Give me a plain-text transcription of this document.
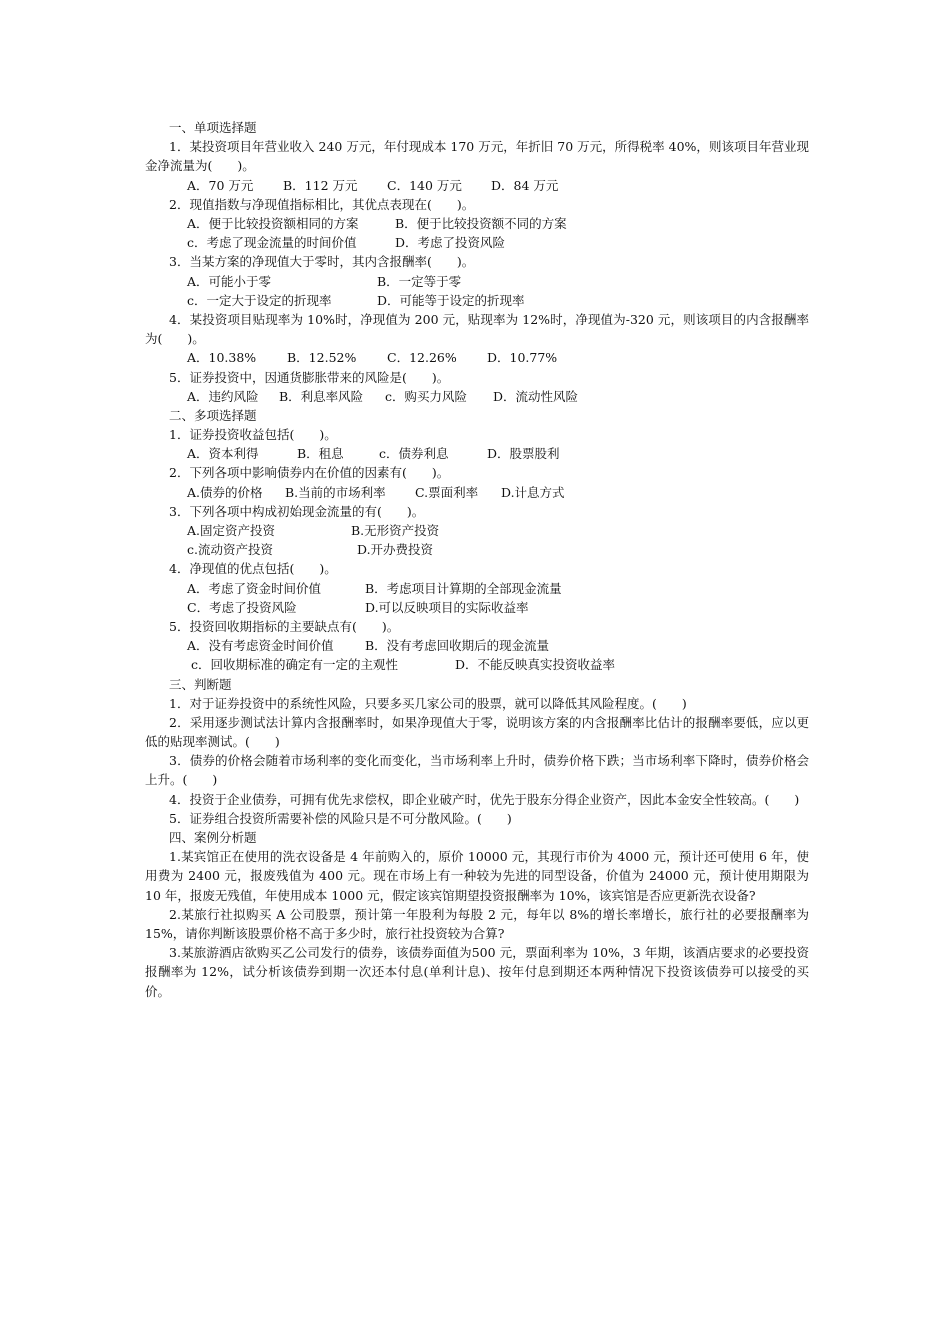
一、单项选择题
1．某投资项目年营业收入 240 万元，年付现成本 170 万元，年折旧 70 万元，所得税率 40%，则该项目年营业现金净流量为(　　)。
A．70 万元 B．112 万元 C．140 万元 D．84 万元
2．现值指数与净现值指标相比，其优点表现在(　　)。
A．便于比较投资额相同的方案	B．便于比较投资额不同的方案
c．考虑了现金流量的时间价值	D．考虑了投资风险
3．当某方案的净现值大于零时，其内含报酬率(　　)。
A．可能小于零	B．一定等于零
c．一定大于设定的折现率	D．可能等于设定的折现率
4．某投资项目贴现率为 10%时，净现值为 200 元，贴现率为 12%时，净现值为-320 元，则该项目的内含报酬率为(　　)。
A．10.38% B．12.52% C．12.26% D．10.77%
5．证券投资中，因通货膨胀带来的风险是(　　)。
A．违约风险 B．利息率风险 c．购买力风险 D．流动性风险
二、多项选择题
1．证券投资收益包括(　　)。
A．资本利得	B．租息	c．债券利息	D．股票股利
2．下列各项中影响债券内在价值的因素有(　　)。
A.债券的价格 B.当前的市场利率 C.票面利率 D.计息方式
3．下列各项中构成初始现金流量的有(　　)。
A.固定资产投资	B.无形资产投资
c.流动资产投资	D.开办费投资
4．净现值的优点包括(　　)。
A．考虑了资金时间价值	B．考虑项目计算期的全部现金流量
C．考虑了投资风险	D.可以反映项目的实际收益率
5．投资回收期指标的主要缺点有(　　)。
A．没有考虑资金时间价值	B．没有考虑回收期后的现金流量
c．回收期标准的确定有一定的主观性	D．不能反映真实投资收益率
三、判断题
1．对于证券投资中的系统性风险，只要多买几家公司的股票，就可以降低其风险程度。(　　)
2．采用逐步测试法计算内含报酬率时，如果净现值大于零，说明该方案的内含报酬率比估计的报酬率要低，应以更低的贴现率测试。(　　)
3．债券的价格会随着市场利率的变化而变化，当市场利率上升时，债券价格下跌；当市场利率下降时，债券价格会上升。(　　)
4．投资于企业债券，可拥有优先求偿权，即企业破产时，优先于股东分得企业资产，因此本金安全性较高。(　　)
5．证券组合投资所需要补偿的风险只是不可分散风险。(　　)
四、案例分析题
1.某宾馆正在使用的洗衣设备是 4 年前购入的，原价 10000 元，其现行市价为 4000 元，预计还可使用 6 年，使用费为 2400 元，报废残值为 400 元。现在市场上有一种较为先进的同型设备，价值为 24000 元，预计使用期限为 10 年，报废无残值，年使用成本 1000 元，假定该宾馆期望投资报酬率为 10%，该宾馆是否应更新洗衣设备?
2.某旅行社拟购买 A 公司股票，预计第一年股利为每股 2 元，每年以 8%的增长率增长，旅行社的必要报酬率为 15%，请你判断该股票价格不高于多少时，旅行社投资较为合算?
3.某旅游酒店欲购买乙公司发行的债券，该债券面值为500 元，票面利率为 10%，3 年期，该酒店要求的必要投资报酬率为 12%，试分析该债券到期一次还本付息(单利计息)、按年付息到期还本两种情况下投资该债券可以接受的买价。
